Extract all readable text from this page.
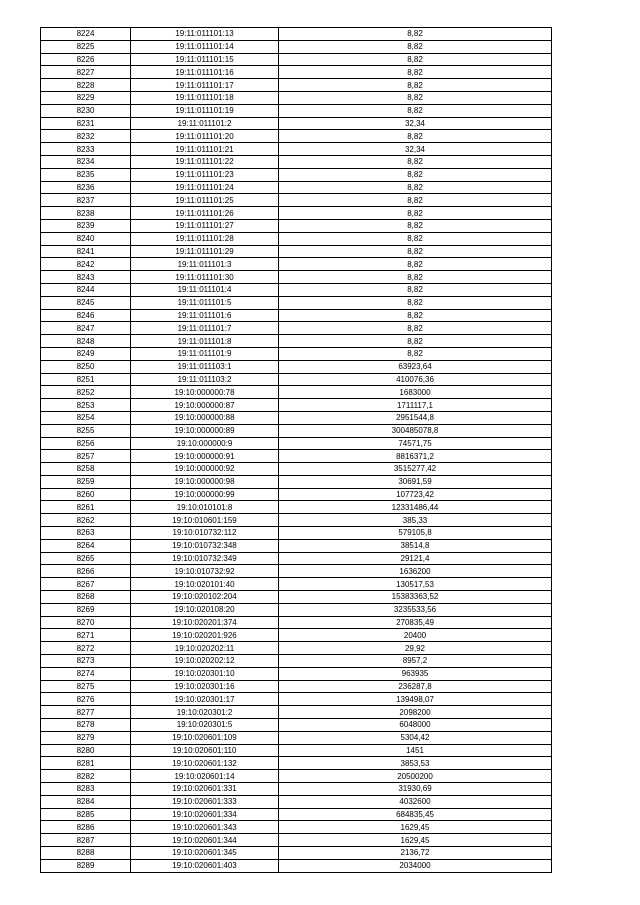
8224	19:11:011101:13	8,82
8225	19:11:011101:14	8,82
8226	19:11:011101:15	8,82
8227	19:11:011101:16	8,82
8228	19:11:011101:17	8,82
8229	19:11:011101:18	8,82
8230	19:11:011101:19	8,82
8231	19:11:011101:2	32,34
8232	19:11:011101:20	8,82
8233	19:11:011101:21	32,34
8234	19:11:011101:22	8,82
8235	19:11:011101:23	8,82
8236	19:11:011101:24	8,82
8237	19:11:011101:25	8,82
8238	19:11:011101:26	8,82
8239	19:11:011101:27	8,82
8240	19:11:011101:28	8,82
8241	19:11:011101:29	8,82
8242	19:11:011101:3	8,82
8243	19:11:011101:30	8,82
8244	19:11:011101:4	8,82
8245	19:11:011101:5	8,82
8246	19:11:011101:6	8,82
8247	19:11:011101:7	8,82
8248	19:11:011101:8	8,82
8249	19:11:011101:9	8,82
8250	19:11:011103:1	63923,64
8251	19:11:011103:2	410076,36
8252	19:10:000000:78	1683000
8253	19:10:000000:87	1711117,1
8254	19:10:000000:88	2951544,8
8255	19:10:000000:89	300485078,8
8256	19:10:000000:9	74571,75
8257	19:10:000000:91	8816371,2
8258	19:10:000000:92	3515277,42
8259	19:10:000000:98	30691,59
8260	19:10:000000:99	107723,42
8261	19:10:010101:8	12331486,44
8262	19:10:010601:159	385,33
8263	19:10:010732:112	579105,8
8264	19:10:010732:348	38514,8
8265	19:10:010732:349	29121,4
8266	19:10:010732:92	1636200
8267	19:10:020101:40	130517,53
8268	19:10:020102:204	15383363,52
8269	19:10:020108:20	3235533,56
8270	19:10:020201:374	270835,49
8271	19:10:020201:926	20400
8272	19:10:020202:11	29,92
8273	19:10:020202:12	8957,2
8274	19:10:020301:10	963935
8275	19:10:020301:16	236287,8
8276	19:10:020301:17	139498,07
8277	19:10:020301:2	2098200
8278	19:10:020301:5	6048000
8279	19:10:020601:109	5304,42
8280	19:10:020601:110	1451
8281	19:10:020601:132	3853,53
8282	19:10:020601:14	20500200
8283	19:10:020601:331	31930,69
8284	19:10:020601:333	4032600
8285	19:10:020601:334	684835,45
8286	19:10:020601:343	1629,45
8287	19:10:020601:344	1629,45
8288	19:10:020601:345	2136,72
8289	19:10:020601:403	2034000
